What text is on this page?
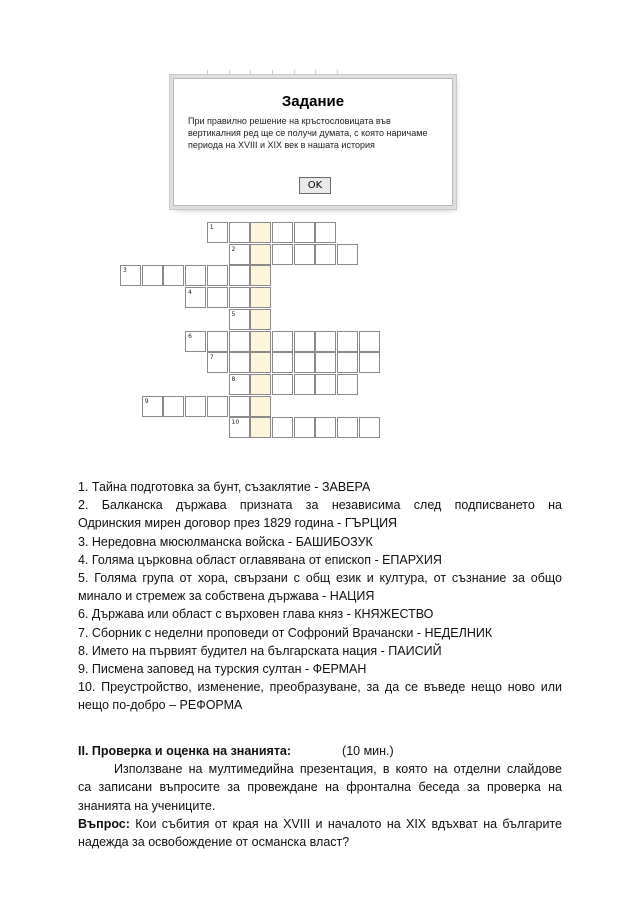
1
2
3
4
5
6
7
8
9
10
Задание
При правилно решение на кръстословицата във вертикалния ред ще се получи думата, с която наричаме периода на XVIII и XIX век в нашата история
OK
1. Тайна подготовка за бунт, съзаклятие - ЗАВЕРА
2. Балканска държава призната за независима след подписването на
Одринския мирен договор през 1829 година - ГЪРЦИЯ
3. Нередовна мюсюлманска войска - БАШИБОЗУК
4. Голяма църковна област оглавявана от епископ - ЕПАРХИЯ
5. Голяма група от хора, свързани с общ език и култура, от съзнание за общо
минало и стремеж за собствена държава - НАЦИЯ
6. Държава или област с върховен глава княз - КНЯЖЕСТВО
7. Сборник с неделни проповеди от Софроний Врачански - НЕДЕЛНИК
8. Името на първият будител на българската нация - ПАИСИЙ
9. Писмена заповед на турския султан - ФЕРМАН
10. Преустройство, изменение, преобразуване, за да се въведе нещо ново или
нещо по-добро – РЕФОРМА
II. Проверка и оценка на знанията:	(10 мин.)
Използване на мултимедийна презентация, в която на отделни слайдове
са записани въпросите за провеждане на фронтална беседа за проверка на
знанията на учениците.
Въпрос: Кои събития от края на XVIII и началото на XIX вдъхват на българите
надежда за освобождение от османска власт?
